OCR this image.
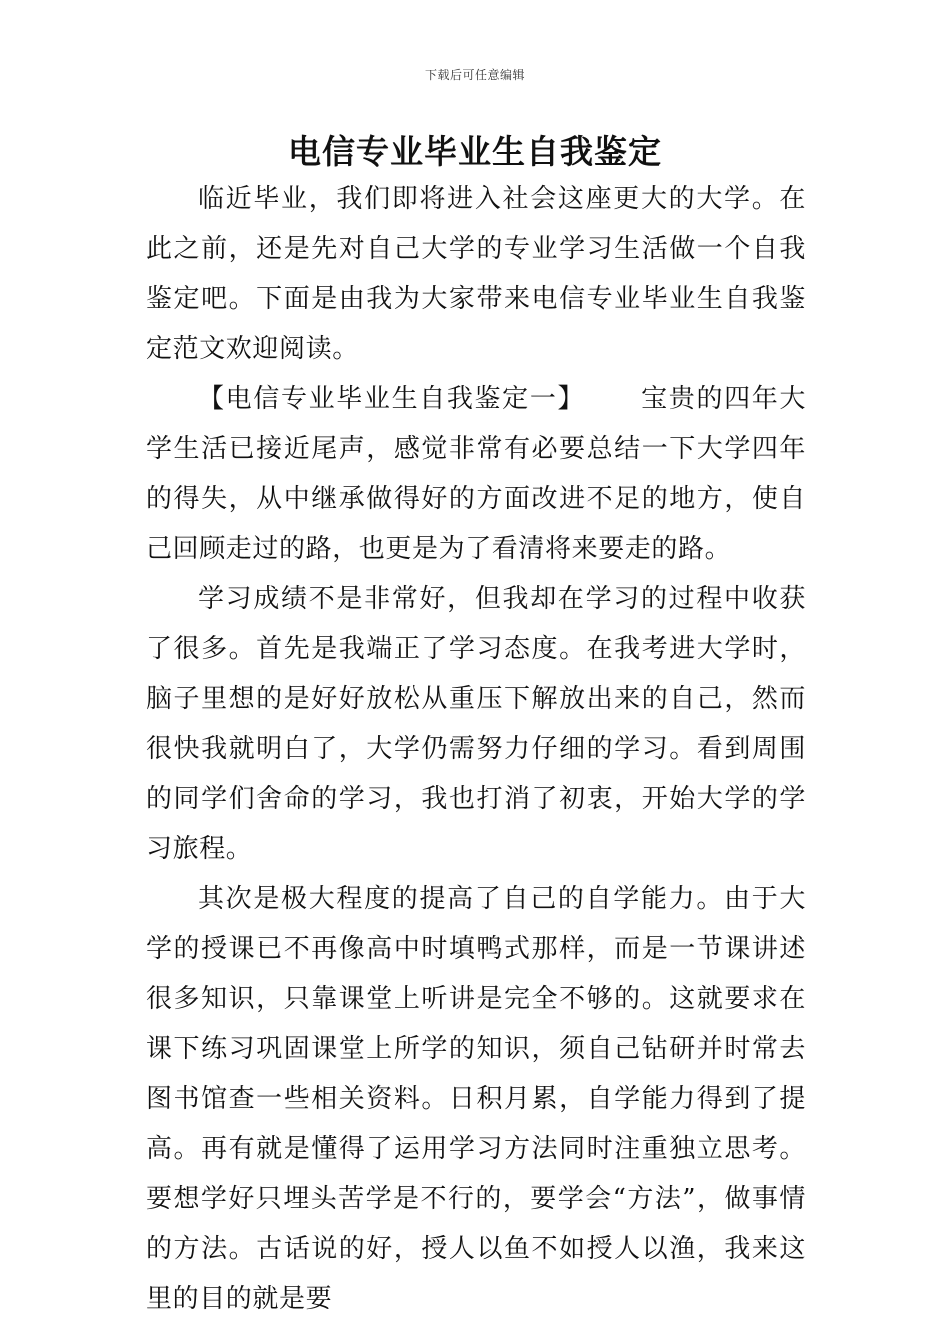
下载后可任意编辑
电信专业毕业生自我鉴定

临近毕业，我们即将进入社会这座更大的大学。在此之前，还是先对自己大学的专业学习生活做一个自我鉴定吧。下面是由我为大家带来电信专业毕业生自我鉴定范文欢迎阅读。

【电信专业毕业生自我鉴定一】 宝贵的四年大学生活已接近尾声，感觉非常有必要总结一下大学四年的得失，从中继承做得好的方面改进不足的地方，使自己回顾走过的路，也更是为了看清将来要走的路。

学习成绩不是非常好，但我却在学习的过程中收获了很多。首先是我端正了学习态度。在我考进大学时，脑子里想的是好好放松从重压下解放出来的自己，然而很快我就明白了，大学仍需努力仔细的学习。看到周围的同学们舍命的学习，我也打消了初衷，开始大学的学习旅程。

其次是极大程度的提高了自己的自学能力。由于大学的授课已不再像高中时填鸭式那样，而是一节课讲述很多知识，只靠课堂上听讲是完全不够的。这就要求在课下练习巩固课堂上所学的知识，须自己钻研并时常去图书馆查一些相关资料。日积月累，自学能力得到了提高。再有就是懂得了运用学习方法同时注重独立思考。要想学好只埋头苦学是不行的，要学会“方法”，做事情的方法。古话说的好，授人以鱼不如授人以渔，我来这里的目的就是要
